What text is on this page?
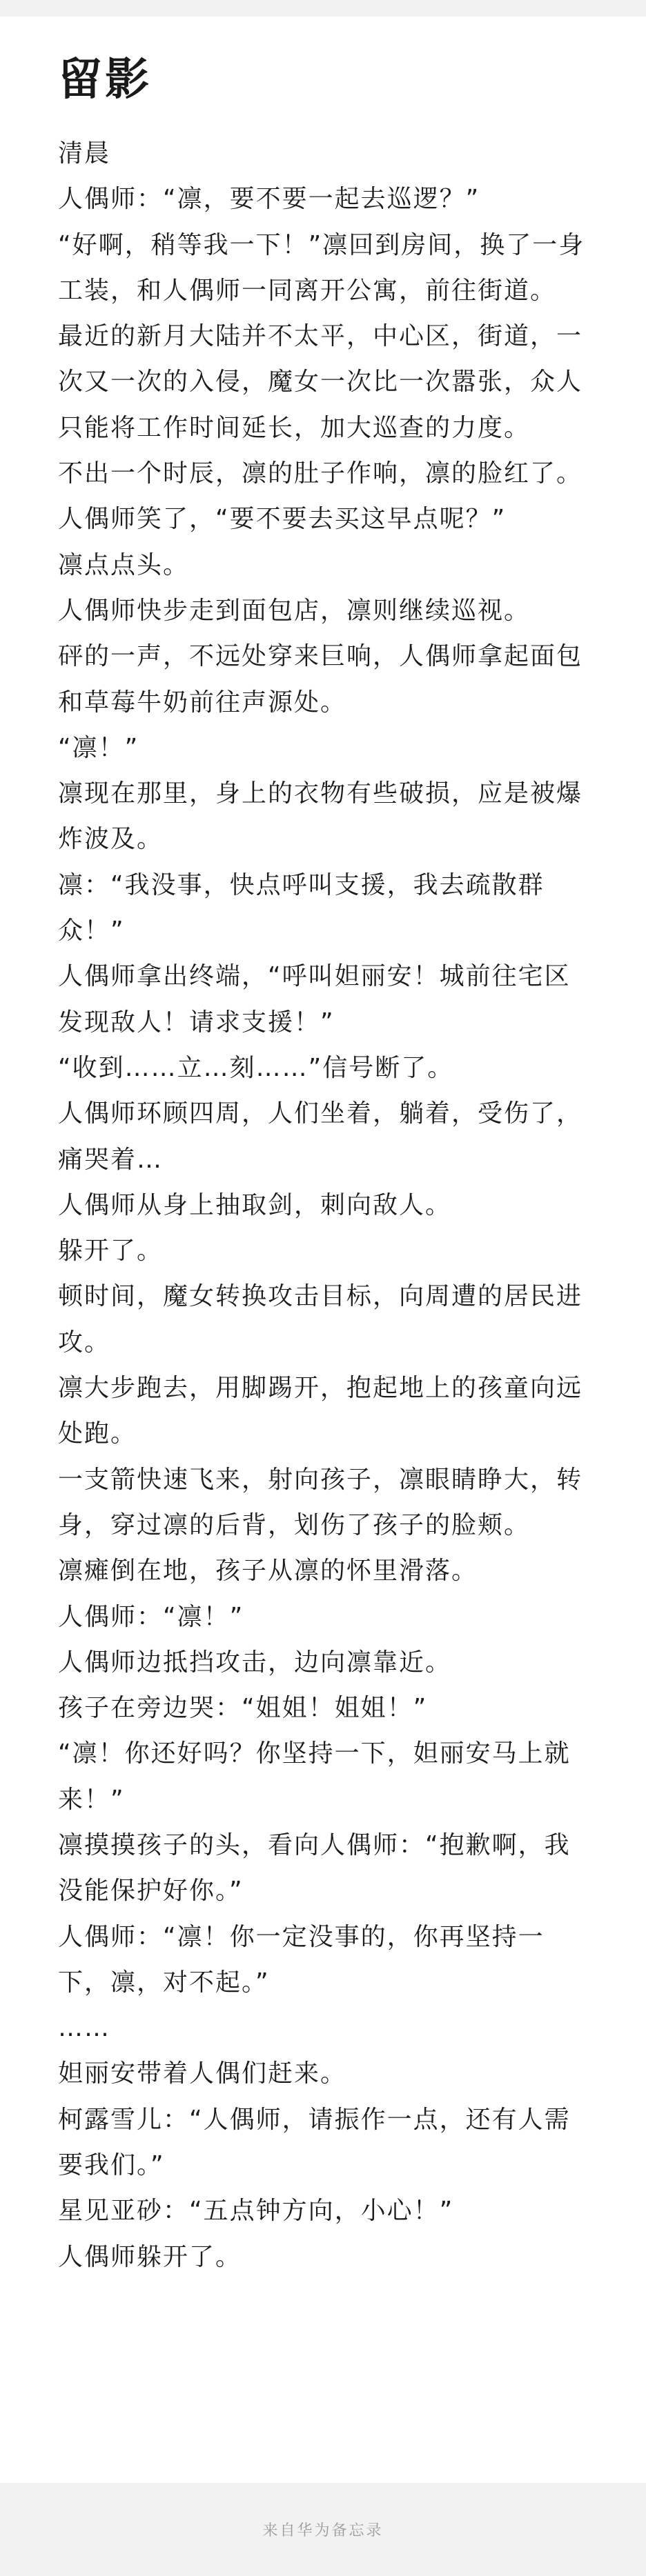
留影
清晨
人偶师：“凛，要不要一起去巡逻？”
“好啊，稍等我一下！”凛回到房间，换了一身工装，和人偶师一同离开公寓，前往街道。
最近的新月大陆并不太平，中心区，街道，一次又一次的入侵，魔女一次比一次嚣张，众人只能将工作时间延长，加大巡查的力度。
不出一个时辰，凛的肚子作响，凛的脸红了。
人偶师笑了，“要不要去买这早点呢？”
凛点点头。
人偶师快步走到面包店，凛则继续巡视。
砰的一声，不远处穿来巨响，人偶师拿起面包和草莓牛奶前往声源处。
“凛！”
凛现在那里，身上的衣物有些破损，应是被爆炸波及。
凛：“我没事，快点呼叫支援，我去疏散群众！”
人偶师拿出终端，“呼叫妲丽安！城前往宅区发现敌人！请求支援！”
“收到……立…刻……”信号断了。
人偶师环顾四周，人们坐着，躺着，受伤了，痛哭着…
人偶师从身上抽取剑，刺向敌人。
躲开了。
顿时间，魔女转换攻击目标，向周遭的居民进攻。
凛大步跑去，用脚踢开，抱起地上的孩童向远处跑。
一支箭快速飞来，射向孩子，凛眼睛睁大，转身，穿过凛的后背，划伤了孩子的脸颊。
凛瘫倒在地，孩子从凛的怀里滑落。
人偶师：“凛！”
人偶师边抵挡攻击，边向凛靠近。
孩子在旁边哭：“姐姐！姐姐！”
“凛！你还好吗？你坚持一下，妲丽安马上就来！”
凛摸摸孩子的头，看向人偶师：“抱歉啊，我没能保护好你。”
人偶师：“凛！你一定没事的，你再坚持一下，凛，对不起。”
……
妲丽安带着人偶们赶来。
柯露雪儿：“人偶师，请振作一点，还有人需要我们。”
星见亚砂：“五点钟方向，小心！”
人偶师躲开了。
来自华为备忘录
